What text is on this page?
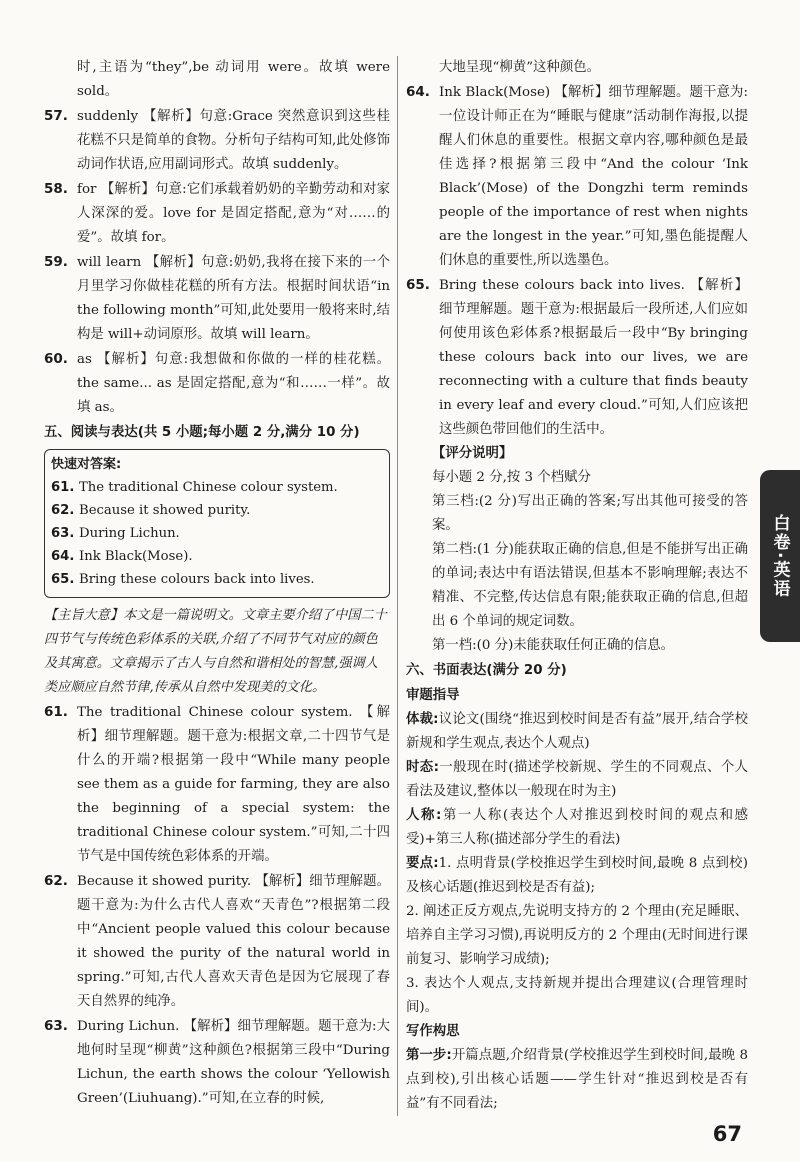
时,主语为“they”,be 动词用 were。故填 were sold。

57. suddenly 【解析】句意:Grace 突然意识到这些桂花糕不只是简单的食物。分析句子结构可知,此处修饰动词作状语,应用副词形式。故填 suddenly。

58. for 【解析】句意:它们承载着奶奶的辛勤劳动和对家人深深的爱。love for 是固定搭配,意为“对……的爱”。故填 for。

59. will learn 【解析】句意:奶奶,我将在接下来的一个月里学习你做桂花糕的所有方法。根据时间状语“in the following month”可知,此处要用一般将来时,结构是 will+动词原形。故填 will learn。

60. as 【解析】句意:我想做和你做的一样的桂花糕。the same... as 是固定搭配,意为“和……一样”。故填 as。

五、阅读与表达(共 5 小题;每小题 2 分,满分 10 分)

快速对答案:
61. The traditional Chinese colour system.
62. Because it showed purity.
63. During Lichun.
64. Ink Black(Mose).
65. Bring these colours back into lives.

【主旨大意】本文是一篇说明文。文章主要介绍了中国二十四节气与传统色彩体系的关联,介绍了不同节气对应的颜色及其寓意。文章揭示了古人与自然和谐相处的智慧,强调人类应顺应自然节律,传承从自然中发现美的文化。

61. The traditional Chinese colour system. 【解析】细节理解题。题干意为:根据文章,二十四节气是什么的开端?根据第一段中“While many people see them as a guide for farming, they are also the beginning of a special system: the traditional Chinese colour system.”可知,二十四节气是中国传统色彩体系的开端。

62. Because it showed purity. 【解析】细节理解题。题干意为:为什么古代人喜欢“天青色”?根据第二段中“Ancient people valued this colour because it showed the purity of the natural world in spring.”可知,古代人喜欢天青色是因为它展现了春天自然界的纯净。

63. During Lichun. 【解析】细节理解题。题干意为:大地何时呈现“柳黄”这种颜色?根据第三段中“During Lichun, the earth shows the colour ‘Yellowish Green’(Liuhuang).”可知,在立春的时候,

大地呈现“柳黄”这种颜色。

64. Ink Black(Mose) 【解析】细节理解题。题干意为:一位设计师正在为“睡眠与健康”活动制作海报,以提醒人们休息的重要性。根据文章内容,哪种颜色是最佳选择?根据第三段中“And the colour ‘Ink Black’(Mose) of the Dongzhi term reminds people of the importance of rest when nights are the longest in the year.”可知,墨色能提醒人们休息的重要性,所以选墨色。

65. Bring these colours back into lives. 【解析】细节理解题。题干意为:根据最后一段所述,人们应如何使用该色彩体系?根据最后一段中“By bringing these colours back into our lives, we are reconnecting with a culture that finds beauty in every leaf and every cloud.”可知,人们应该把这些颜色带回他们的生活中。

【评分说明】

每小题 2 分,按 3 个档赋分

第三档:(2 分)写出正确的答案;写出其他可接受的答案。

第二档:(1 分)能获取正确的信息,但是不能拼写出正确的单词;表达中有语法错误,但基本不影响理解;表达不精准、不完整,传达信息有限;能获取正确的信息,但超出 6 个单词的规定词数。

第一档:(0 分)未能获取任何正确的信息。

六、书面表达(满分 20 分)

审题指导

体裁:议论文(围绕“推迟到校时间是否有益”展开,结合学校新规和学生观点,表达个人观点)

时态:一般现在时(描述学校新规、学生的不同观点、个人看法及建议,整体以一般现在时为主)

人称:第一人称(表达个人对推迟到校时间的观点和感受)+第三人称(描述部分学生的看法)

要点:1. 点明背景(学校推迟学生到校时间,最晚 8 点到校)及核心话题(推迟到校是否有益);

2. 阐述正反方观点,先说明支持方的 2 个理由(充足睡眠、培养自主学习习惯),再说明反方的 2 个理由(无时间进行课前复习、影响学习成绩);

3. 表达个人观点,支持新规并提出合理建议(合理管理时间)。

写作构思

第一步:开篇点题,介绍背景(学校推迟学生到校时间,最晚 8 点到校),引出核心话题——学生针对“推迟到校是否有益”有不同看法;

白卷·英语
67
